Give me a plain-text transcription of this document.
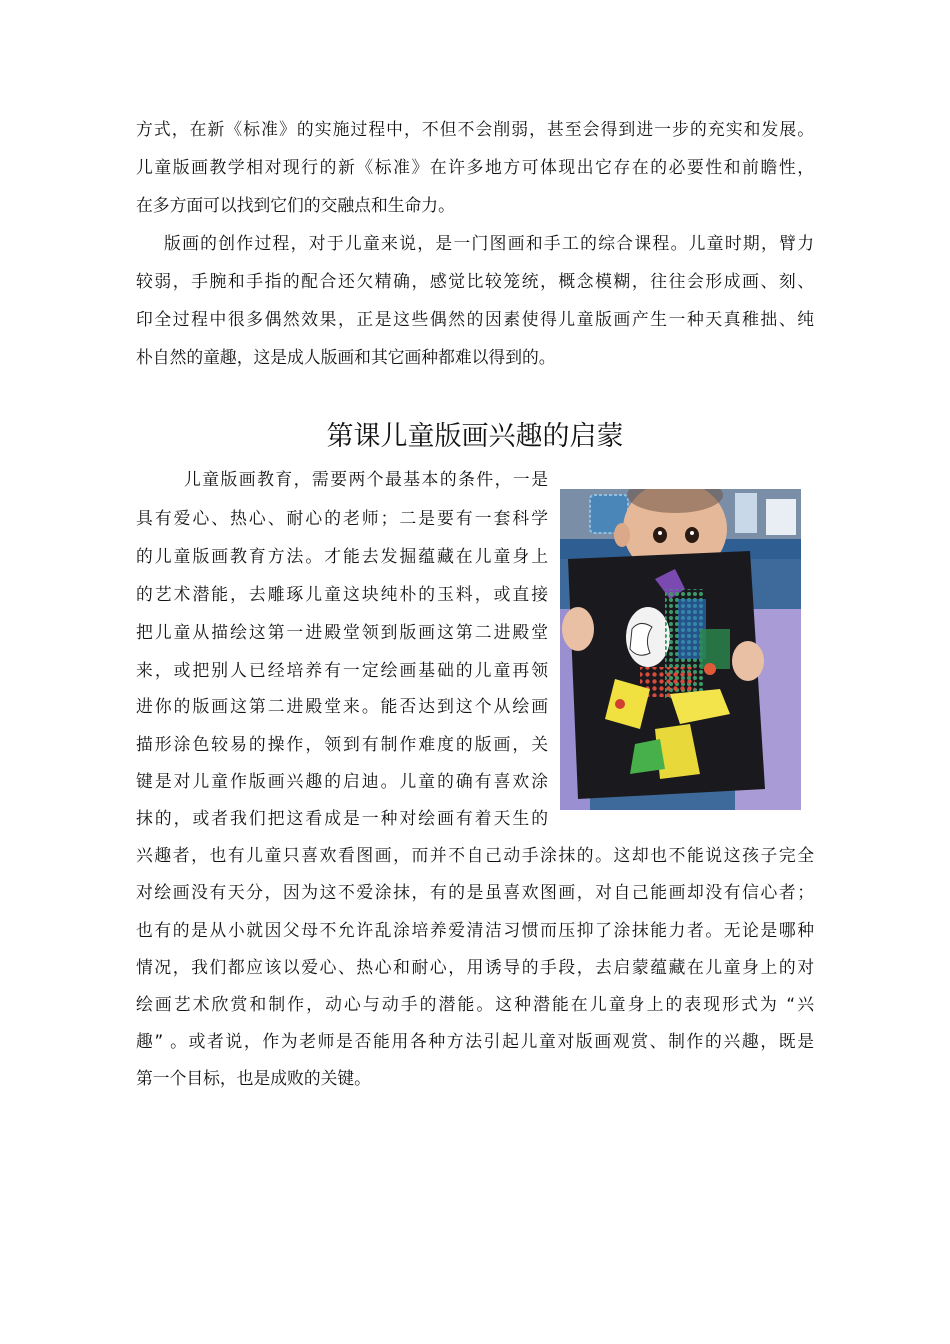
方式，在新《标准》的实施过程中，不但不会削弱，甚至会得到进一步的充实和发展。
儿童版画教学相对现行的新《标准》在许多地方可体现出它存在的必要性和前瞻性，
在多方面可以找到它们的交融点和生命力。
版画的创作过程，对于儿童来说，是一门图画和手工的综合课程。儿童时期，臂力
较弱，手腕和手指的配合还欠精确，感觉比较笼统，概念模糊，往往会形成画、刻、
印全过程中很多偶然效果，正是这些偶然的因素使得儿童版画产生一种天真稚拙、纯
朴自然的童趣，这是成人版画和其它画种都难以得到的。
第课儿童版画兴趣的启蒙
儿童版画教育，需要两个最基本的条件，一是
具有爱心、热心、耐心的老师；二是要有一套科学
的儿童版画教育方法。才能去发掘蕴藏在儿童身上
的艺术潜能，去雕琢儿童这块纯朴的玉料，或直接
把儿童从描绘这第一进殿堂领到版画这第二进殿堂
来，或把别人已经培养有一定绘画基础的儿童再领
进你的版画这第二进殿堂来。能否达到这个从绘画
描形涂色较易的操作，领到有制作难度的版画，关
键是对儿童作版画兴趣的启迪。儿童的确有喜欢涂
抹的，或者我们把这看成是一种对绘画有着天生的
兴趣者，也有儿童只喜欢看图画，而并不自己动手涂抹的。这却也不能说这孩子完全
对绘画没有天分，因为这不爱涂抹，有的是虽喜欢图画，对自己能画却没有信心者；
也有的是从小就因父母不允许乱涂培养爱清洁习惯而压抑了涂抹能力者。无论是哪种
情况，我们都应该以爱心、热心和耐心，用诱导的手段，去启蒙蕴藏在儿童身上的对
绘画艺术欣赏和制作，动心与动手的潜能。这种潜能在儿童身上的表现形式为 “兴
趣” 。或者说，作为老师是否能用各种方法引起儿童对版画观赏、制作的兴趣，既是
第一个目标，也是成败的关键。
